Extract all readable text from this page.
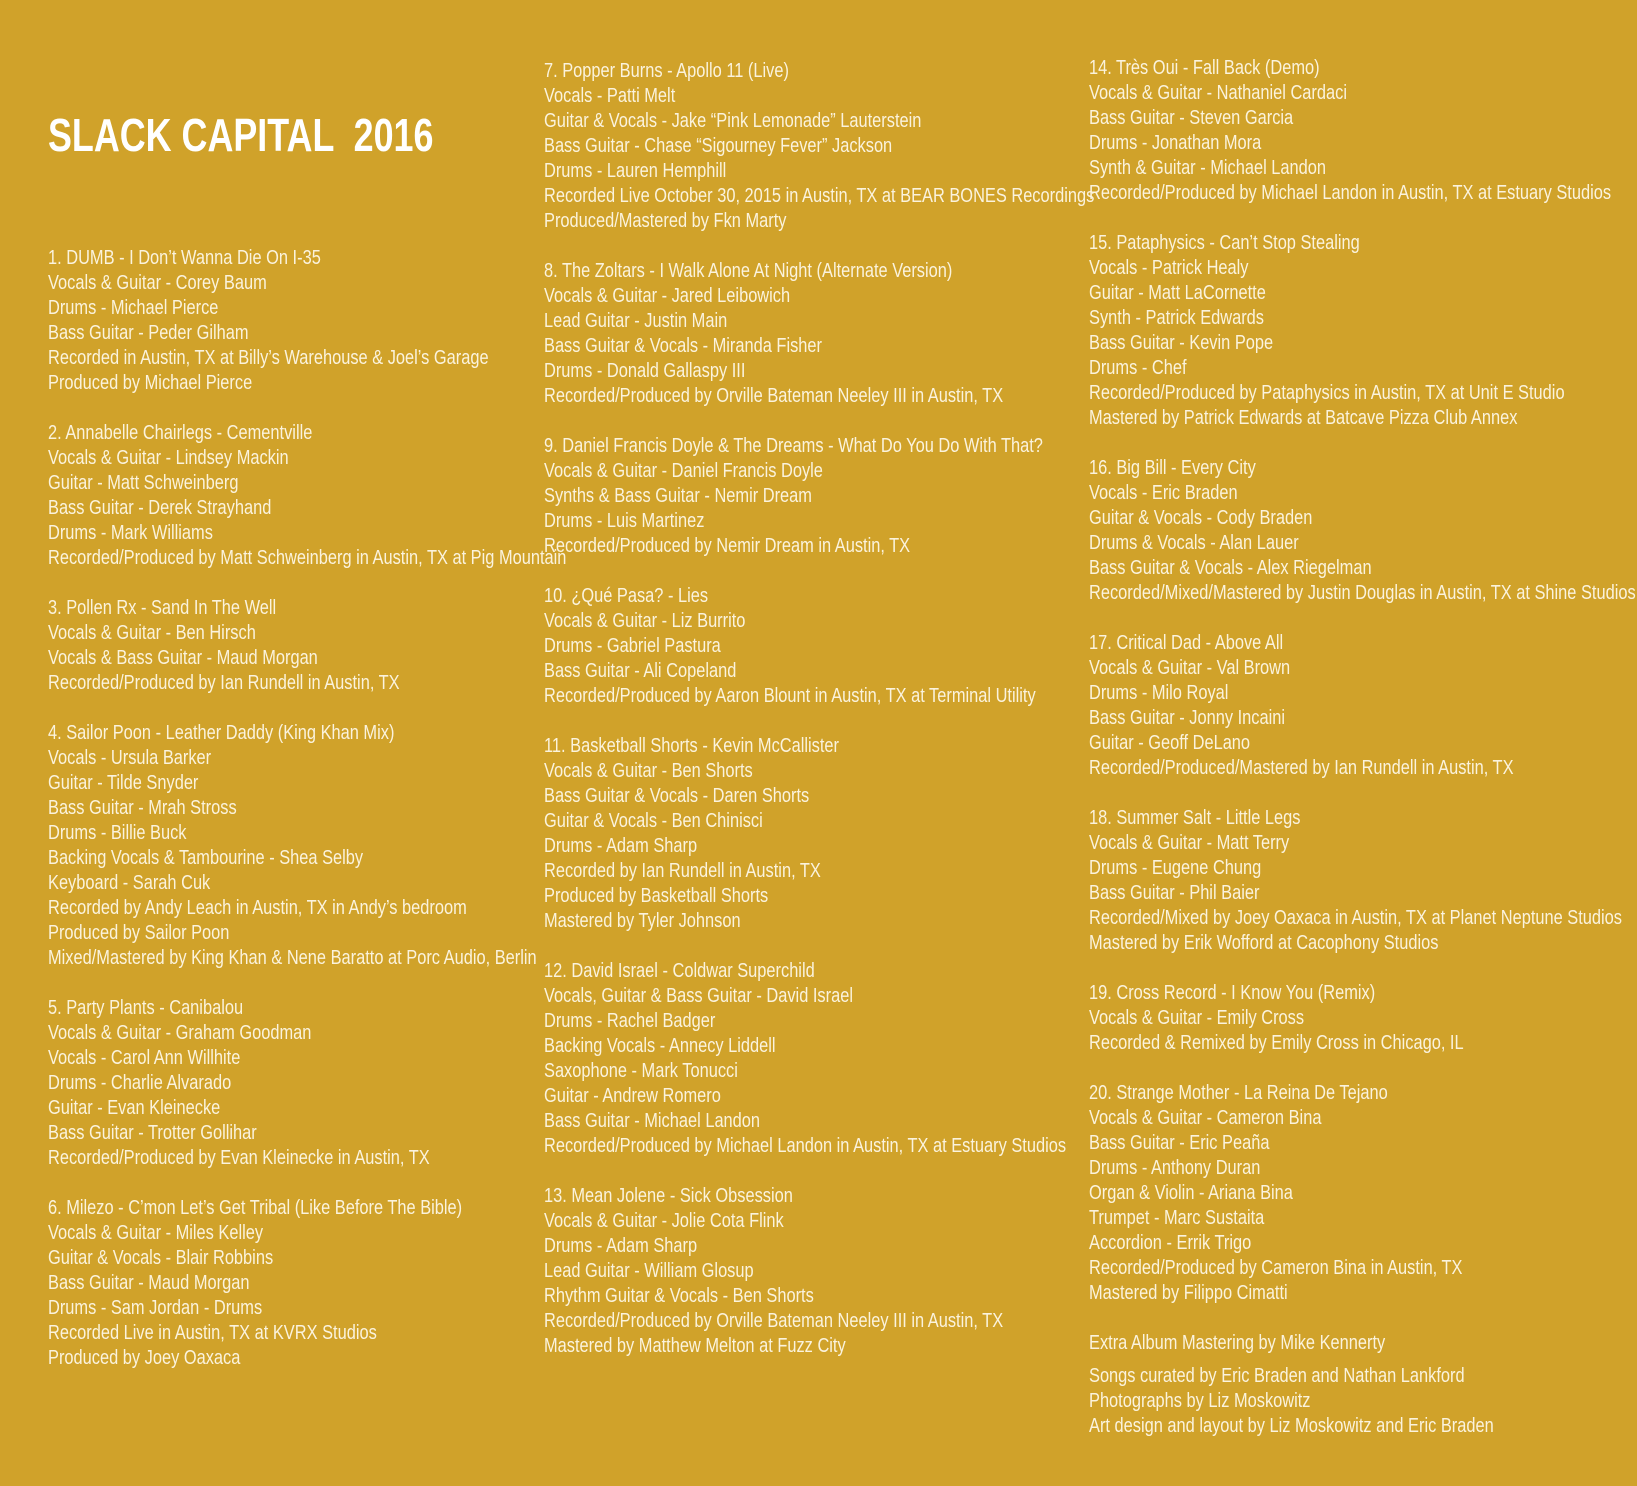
SLACK CAPITAL  2016
1. DUMB - I Don’t Wanna Die On I-35
Vocals & Guitar - Corey Baum
Drums - Michael Pierce
Bass Guitar - Peder Gilham
Recorded in Austin, TX at Billy’s Warehouse & Joel’s Garage
Produced by Michael Pierce
2. Annabelle Chairlegs - Cementville
Vocals & Guitar - Lindsey Mackin
Guitar - Matt Schweinberg
Bass Guitar - Derek Strayhand
Drums - Mark Williams
Recorded/Produced by Matt Schweinberg in Austin, TX at Pig Mountain
3. Pollen Rx - Sand In The Well
Vocals & Guitar - Ben Hirsch
Vocals & Bass Guitar - Maud Morgan
Recorded/Produced by Ian Rundell in Austin, TX
4. Sailor Poon - Leather Daddy (King Khan Mix)
Vocals - Ursula Barker
Guitar - Tilde Snyder
Bass Guitar - Mrah Stross
Drums - Billie Buck
Backing Vocals & Tambourine - Shea Selby
Keyboard - Sarah Cuk
Recorded by Andy Leach in Austin, TX in Andy’s bedroom
Produced by Sailor Poon
Mixed/Mastered by King Khan & Nene Baratto at Porc Audio, Berlin
5. Party Plants - Canibalou
Vocals & Guitar - Graham Goodman
Vocals - Carol Ann Willhite
Drums - Charlie Alvarado
Guitar - Evan Kleinecke
Bass Guitar - Trotter Gollihar
Recorded/Produced by Evan Kleinecke in Austin, TX
6. Milezo - C’mon Let’s Get Tribal (Like Before The Bible)
Vocals & Guitar - Miles Kelley
Guitar & Vocals - Blair Robbins
Bass Guitar - Maud Morgan
Drums - Sam Jordan - Drums
Recorded Live in Austin, TX at KVRX Studios
Produced by Joey Oaxaca
7. Popper Burns - Apollo 11 (Live)
Vocals - Patti Melt
Guitar & Vocals - Jake “Pink Lemonade” Lauterstein
Bass Guitar - Chase “Sigourney Fever” Jackson
Drums - Lauren Hemphill
Recorded Live October 30, 2015 in Austin, TX at BEAR BONES Recordings
Produced/Mastered by Fkn Marty
8. The Zoltars - I Walk Alone At Night (Alternate Version)
Vocals & Guitar - Jared Leibowich
Lead Guitar - Justin Main
Bass Guitar & Vocals - Miranda Fisher
Drums - Donald Gallaspy III
Recorded/Produced by Orville Bateman Neeley III in Austin, TX
9. Daniel Francis Doyle & The Dreams - What Do You Do With That?
Vocals & Guitar - Daniel Francis Doyle
Synths & Bass Guitar - Nemir Dream
Drums - Luis Martinez
Recorded/Produced by Nemir Dream in Austin, TX
10. ¿Qué Pasa? - Lies
Vocals & Guitar - Liz Burrito
Drums - Gabriel Pastura
Bass Guitar - Ali Copeland
Recorded/Produced by Aaron Blount in Austin, TX at Terminal Utility
11. Basketball Shorts - Kevin McCallister
Vocals & Guitar - Ben Shorts
Bass Guitar & Vocals - Daren Shorts
Guitar & Vocals - Ben Chinisci
Drums - Adam Sharp
Recorded by Ian Rundell in Austin, TX
Produced by Basketball Shorts
Mastered by Tyler Johnson
12. David Israel - Coldwar Superchild
Vocals, Guitar & Bass Guitar - David Israel
Drums - Rachel Badger
Backing Vocals - Annecy Liddell
Saxophone - Mark Tonucci
Guitar - Andrew Romero
Bass Guitar - Michael Landon
Recorded/Produced by Michael Landon in Austin, TX at Estuary Studios
13. Mean Jolene - Sick Obsession
Vocals & Guitar - Jolie Cota Flink
Drums - Adam Sharp
Lead Guitar - William Glosup
Rhythm Guitar & Vocals - Ben Shorts
Recorded/Produced by Orville Bateman Neeley III in Austin, TX
Mastered by Matthew Melton at Fuzz City
14. Très Oui - Fall Back (Demo)
Vocals & Guitar - Nathaniel Cardaci
Bass Guitar - Steven Garcia
Drums - Jonathan Mora
Synth & Guitar - Michael Landon
Recorded/Produced by Michael Landon in Austin, TX at Estuary Studios
15. Pataphysics - Can’t Stop Stealing
Vocals - Patrick Healy
Guitar - Matt LaCornette
Synth - Patrick Edwards
Bass Guitar - Kevin Pope
Drums - Chef
Recorded/Produced by Pataphysics in Austin, TX at Unit E Studio
Mastered by Patrick Edwards at Batcave Pizza Club Annex
16. Big Bill - Every City
Vocals - Eric Braden
Guitar & Vocals - Cody Braden
Drums & Vocals - Alan Lauer
Bass Guitar & Vocals - Alex Riegelman
Recorded/Mixed/Mastered by Justin Douglas in Austin, TX at Shine Studios
17. Critical Dad - Above All
Vocals & Guitar - Val Brown
Drums - Milo Royal
Bass Guitar - Jonny Incaini
Guitar - Geoff DeLano
Recorded/Produced/Mastered by Ian Rundell in Austin, TX
18. Summer Salt - Little Legs
Vocals & Guitar - Matt Terry
Drums - Eugene Chung
Bass Guitar - Phil Baier
Recorded/Mixed by Joey Oaxaca in Austin, TX at Planet Neptune Studios
Mastered by Erik Wofford at Cacophony Studios
19. Cross Record - I Know You (Remix)
Vocals & Guitar - Emily Cross
Recorded & Remixed by Emily Cross in Chicago, IL
20. Strange Mother - La Reina De Tejano
Vocals & Guitar - Cameron Bina
Bass Guitar - Eric Peaña
Drums - Anthony Duran
Organ & Violin - Ariana Bina
Trumpet - Marc Sustaita
Accordion - Errik Trigo
Recorded/Produced by Cameron Bina in Austin, TX
Mastered by Filippo Cimatti
Extra Album Mastering by Mike Kennerty
Songs curated by Eric Braden and Nathan Lankford
Photographs by Liz Moskowitz
Art design and layout by Liz Moskowitz and Eric Braden
